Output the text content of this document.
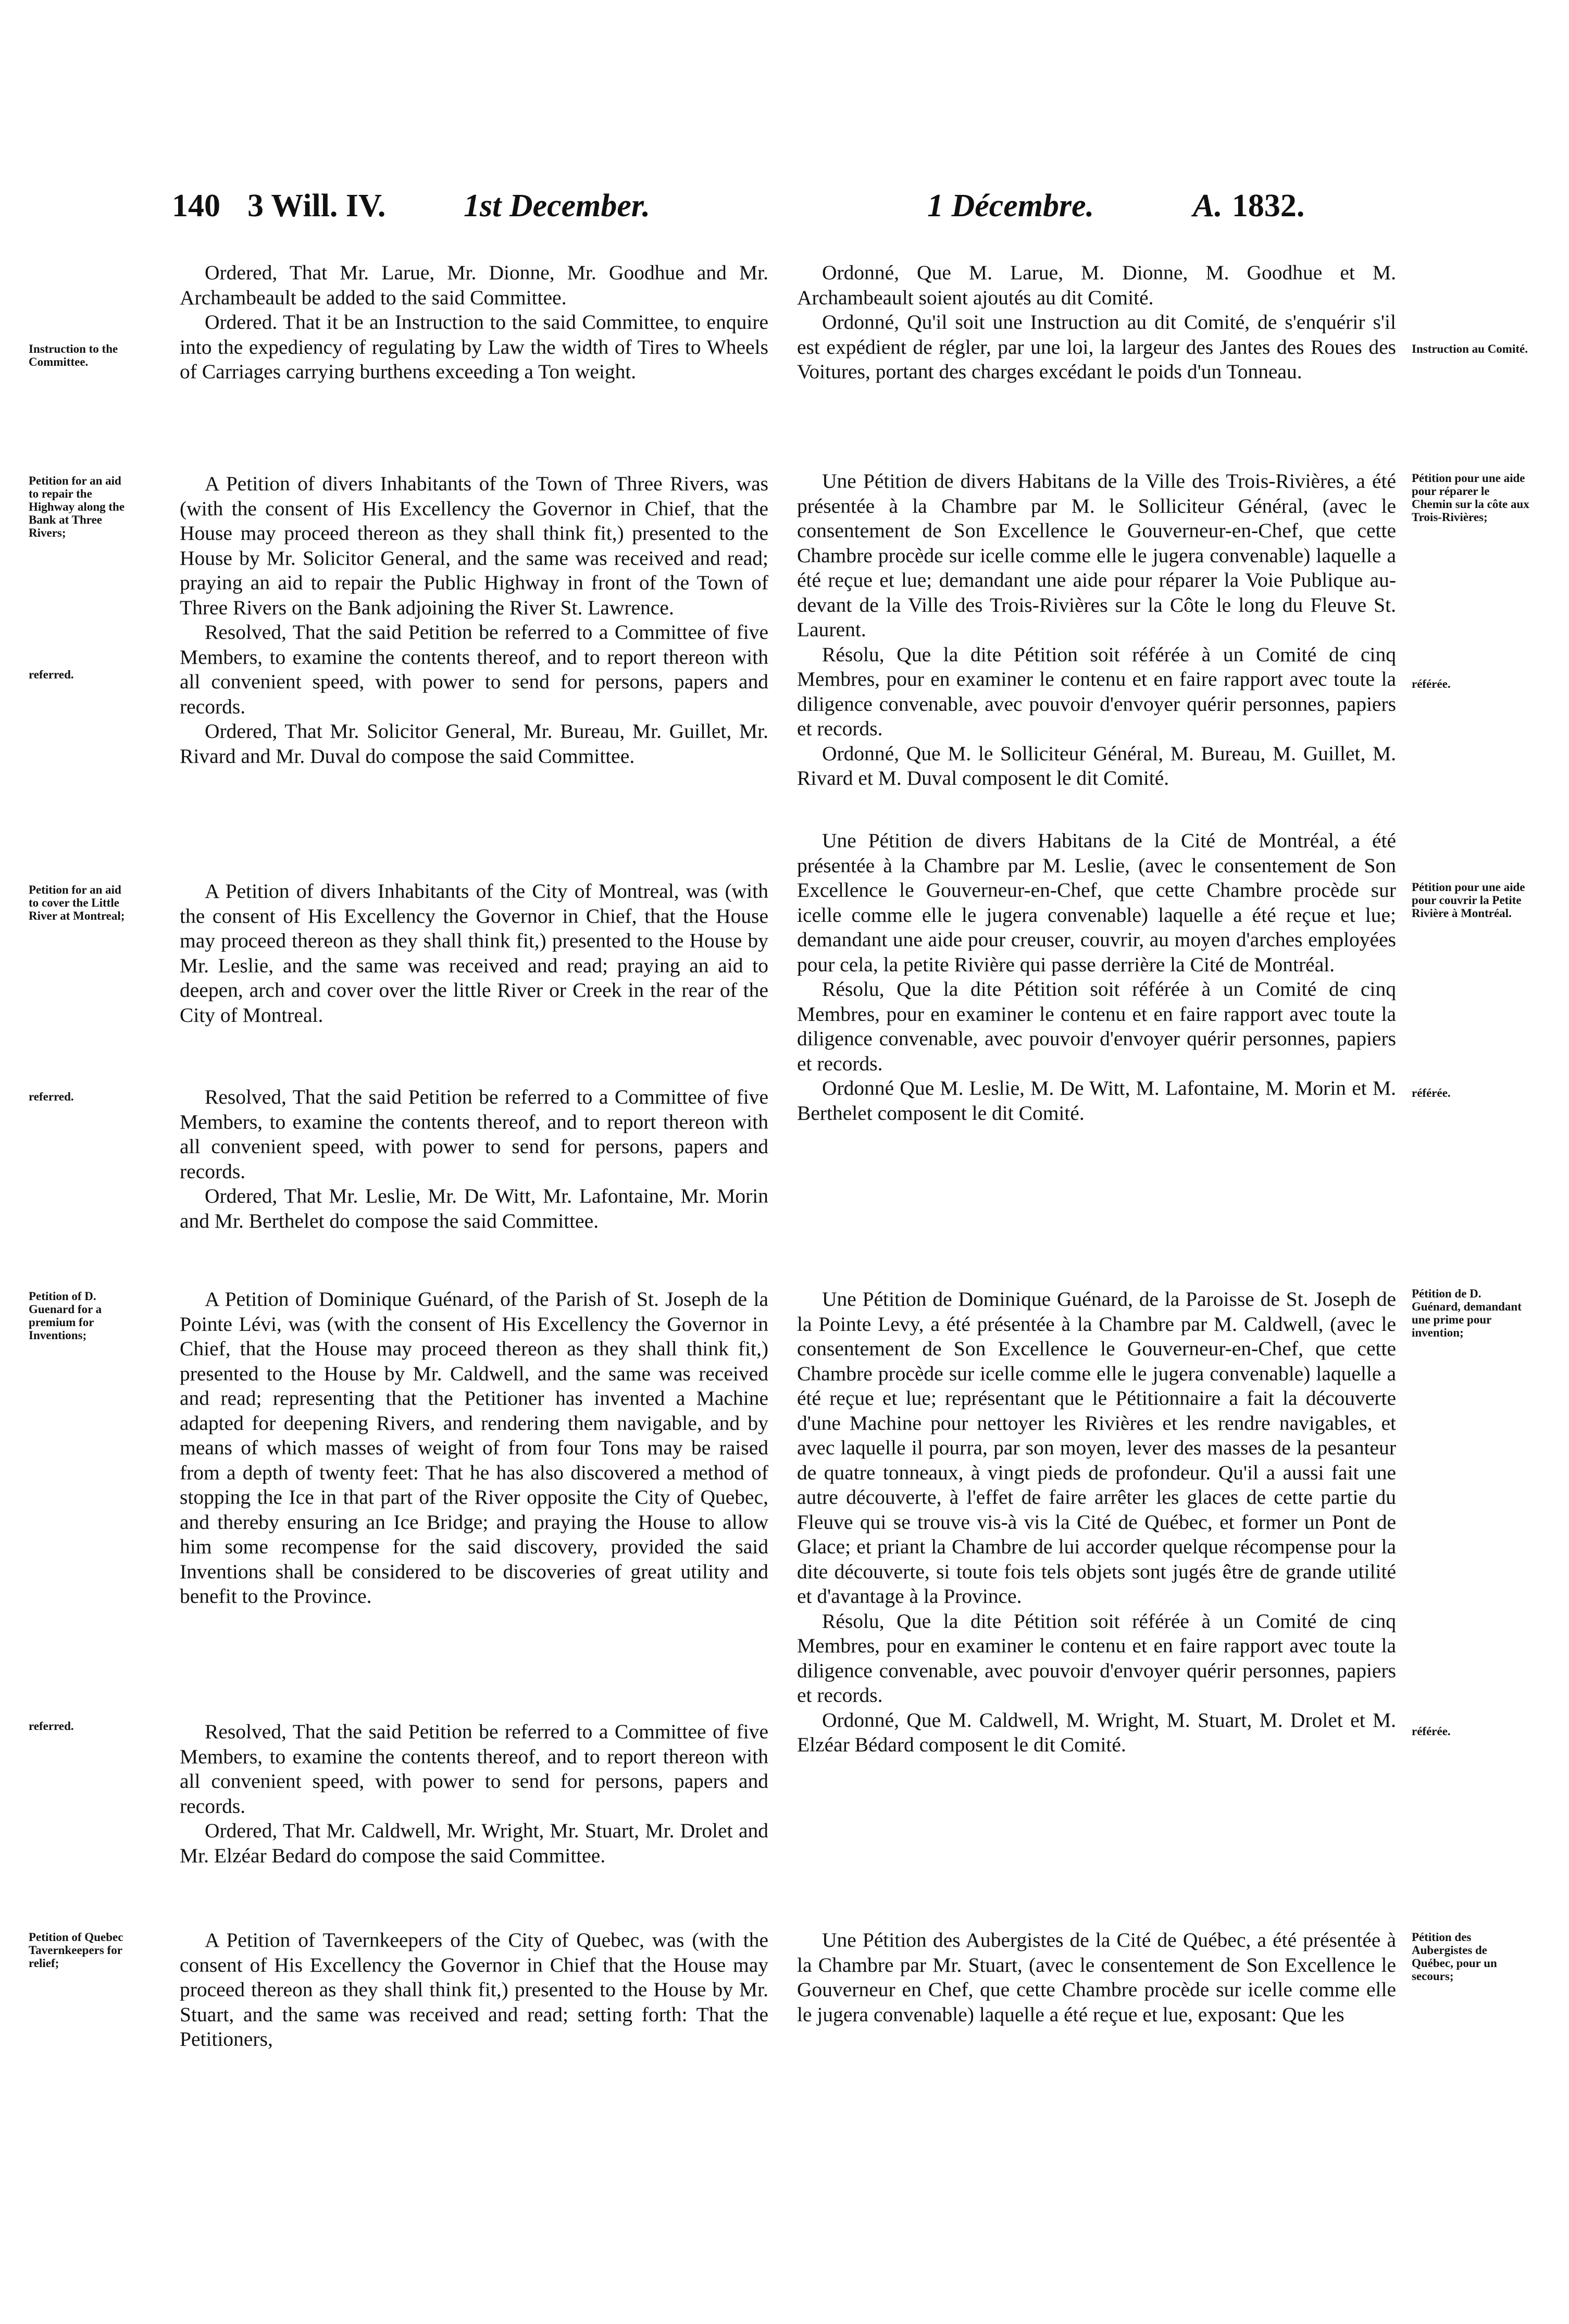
140 3 Will. IV. 1st December.	1 Décembre.	A. 1832.
Instruction to the Committee.
Petition for an aid to repair the Highway along the Bank at Three Rivers;
referred.
Petition for an aid to cover the Little River at Montreal;
referred.
Petition of D. Guenard for a premium for Inventions;
referred.
Petition of Quebec Tavernkeepers for relief;
Instruction au Comité.
Pétition pour une aide pour réparer le Chemin sur la côte aux Trois-Rivières;
référée.
Pétition pour une aide pour couvrir la Petite Rivière à Montréal.
référée.
Pétition de D. Guénard, demandant une prime pour invention;
référée.
Pétition des Aubergistes de Québec, pour un secours;

Ordered, That Mr. Larue, Mr. Dionne, Mr. Goodhue and Mr. Archambeault be added to the said Committee.

Ordered. That it be an Instruction to the said Committee, to enquire into the expediency of regulating by Law the width of Tires to Wheels of Carriages carrying burthens exceeding a Ton weight.

A Petition of divers Inhabitants of the Town of Three Rivers, was (with the consent of His Excellency the Governor in Chief, that the House may proceed thereon as they shall think fit,) presented to the House by Mr. Solicitor General, and the same was received and read; praying an aid to repair the Public Highway in front of the Town of Three Rivers on the Bank adjoining the River St. Lawrence.

Resolved, That the said Petition be referred to a Committee of five Members, to examine the contents thereof, and to report thereon with all convenient speed, with power to send for persons, papers and records.

Ordered, That Mr. Solicitor General, Mr. Bureau, Mr. Guillet, Mr. Rivard and Mr. Duval do compose the said Committee.

A Petition of divers Inhabitants of the City of Montreal, was (with the consent of His Excellency the Governor in Chief, that the House may proceed thereon as they shall think fit,) presented to the House by Mr. Leslie, and the same was received and read; praying an aid to deepen, arch and cover over the little River or Creek in the rear of the City of Montreal.

Resolved, That the said Petition be referred to a Committee of five Members, to examine the contents thereof, and to report thereon with all convenient speed, with power to send for persons, papers and records.

Ordered, That Mr. Leslie, Mr. De Witt, Mr. Lafontaine, Mr. Morin and Mr. Berthelet do compose the said Committee.

A Petition of Dominique Guénard, of the Parish of St. Joseph de la Pointe Lévi, was (with the consent of His Excellency the Governor in Chief, that the House may proceed thereon as they shall think fit,) presented to the House by Mr. Caldwell, and the same was received and read; representing that the Petitioner has invented a Machine adapted for deepening Rivers, and rendering them navigable, and by means of which masses of weight of from four Tons may be raised from a depth of twenty feet: That he has also discovered a method of stopping the Ice in that part of the River opposite the City of Quebec, and thereby ensuring an Ice Bridge; and praying the House to allow him some recompense for the said discovery, provided the said Inventions shall be considered to be discoveries of great utility and benefit to the Province.

Resolved, That the said Petition be referred to a Committee of five Members, to examine the contents thereof, and to report thereon with all convenient speed, with power to send for persons, papers and records.

Ordered, That Mr. Caldwell, Mr. Wright, Mr. Stuart, Mr. Drolet and Mr. Elzéar Bedard do compose the said Committee.

A Petition of Tavernkeepers of the City of Quebec, was (with the consent of His Excellency the Governor in Chief that the House may proceed thereon as they shall think fit,) presented to the House by Mr. Stuart, and the same was received and read; setting forth: That the Petitioners,

Ordonné, Que M. Larue, M. Dionne, M. Goodhue et M. Archambeault soient ajoutés au dit Comité.

Ordonné, Qu'il soit une Instruction au dit Comité, de s'enquérir s'il est expédient de régler, par une loi, la largeur des Jantes des Roues des Voitures, portant des charges excédant le poids d'un Tonneau.

Une Pétition de divers Habitans de la Ville des Trois-Rivières, a été présentée à la Chambre par M. le Solliciteur Général, (avec le consentement de Son Excellence le Gouverneur-en-Chef, que cette Chambre procède sur icelle comme elle le jugera convenable) laquelle a été reçue et lue; demandant une aide pour réparer la Voie Publique au-devant de la Ville des Trois-Rivières sur la Côte le long du Fleuve St. Laurent.

Résolu, Que la dite Pétition soit référée à un Comité de cinq Membres, pour en examiner le contenu et en faire rapport avec toute la diligence convenable, avec pouvoir d'envoyer quérir personnes, papiers et records.

Ordonné, Que M. le Solliciteur Général, M. Bureau, M. Guillet, M. Rivard et M. Duval composent le dit Comité.

Une Pétition de divers Habitans de la Cité de Montréal, a été présentée à la Chambre par M. Leslie, (avec le consentement de Son Excellence le Gouverneur-en-Chef, que cette Chambre procède sur icelle comme elle le jugera convenable) laquelle a été reçue et lue; demandant une aide pour creuser, couvrir, au moyen d'arches employées pour cela, la petite Rivière qui passe derrière la Cité de Montréal.

Résolu, Que la dite Pétition soit référée à un Comité de cinq Membres, pour en examiner le contenu et en faire rapport avec toute la diligence convenable, avec pouvoir d'envoyer quérir personnes, papiers et records.

Ordonné Que M. Leslie, M. De Witt, M. Lafontaine, M. Morin et M. Berthelet composent le dit Comité.

Une Pétition de Dominique Guénard, de la Paroisse de St. Joseph de la Pointe Levy, a été présentée à la Chambre par M. Caldwell, (avec le consentement de Son Excellence le Gouverneur-en-Chef, que cette Chambre procède sur icelle comme elle le jugera convenable) laquelle a été reçue et lue; représentant que le Pétitionnaire a fait la découverte d'une Machine pour nettoyer les Rivières et les rendre navigables, et avec laquelle il pourra, par son moyen, lever des masses de la pesanteur de quatre tonneaux, à vingt pieds de profondeur. Qu'il a aussi fait une autre découverte, à l'effet de faire arrêter les glaces de cette partie du Fleuve qui se trouve vis-à vis la Cité de Québec, et former un Pont de Glace; et priant la Chambre de lui accorder quelque récompense pour la dite découverte, si toute fois tels objets sont jugés être de grande utilité et d'avantage à la Province.

Résolu, Que la dite Pétition soit référée à un Comité de cinq Membres, pour en examiner le contenu et en faire rapport avec toute la diligence convenable, avec pouvoir d'envoyer quérir personnes, papiers et records.

Ordonné, Que M. Caldwell, M. Wright, M. Stuart, M. Drolet et M. Elzéar Bédard composent le dit Comité.

Une Pétition des Aubergistes de la Cité de Québec, a été présentée à la Chambre par Mr. Stuart, (avec le consentement de Son Excellence le Gouverneur en Chef, que cette Chambre procède sur icelle comme elle le jugera convenable) laquelle a été reçue et lue, exposant: Que les
